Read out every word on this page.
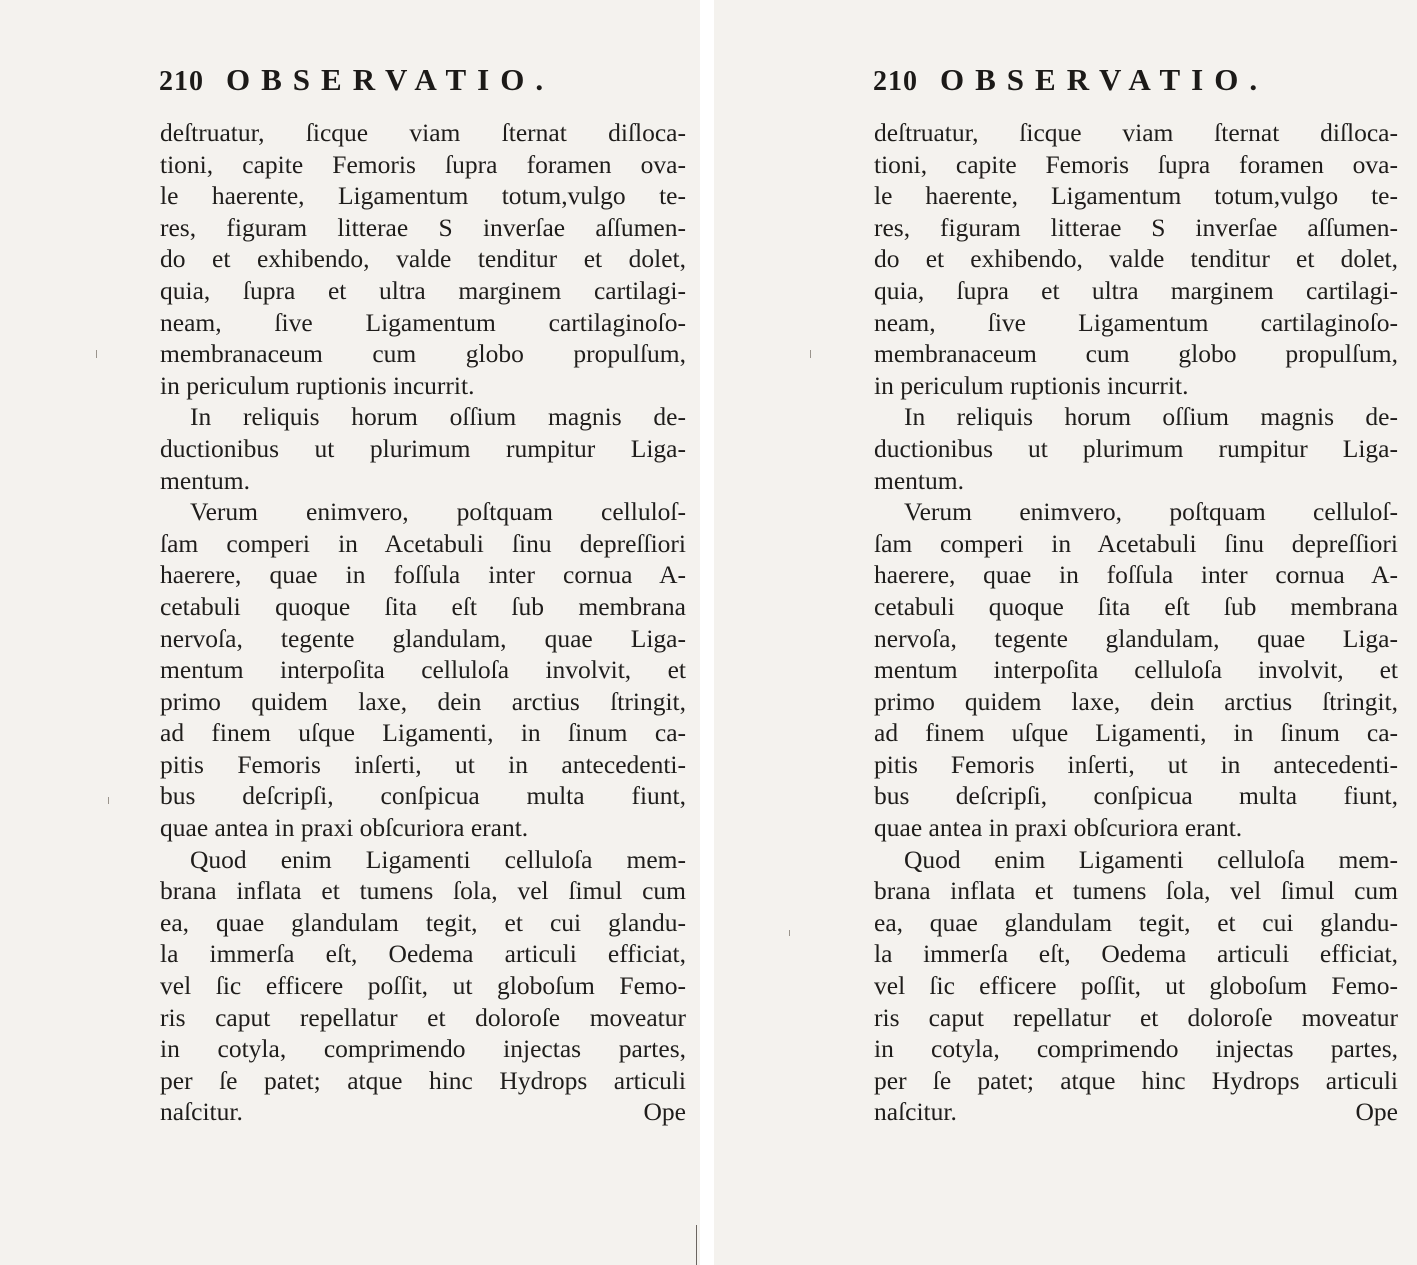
210 OBSERVATIO.
deſtruatur, ſicque viam ſternat diſloca-
tioni, capite Femoris ſupra foramen ova-
le haerente, Ligamentum totum,vulgo te-
res, figuram litterae S inverſae aſſumen-
do et exhibendo, valde tenditur et dolet,
quia, ſupra et ultra marginem cartilagi-
neam, ſive Ligamentum cartilaginoſo-
membranaceum cum globo propulſum,
in periculum ruptionis incurrit.
In reliquis horum oſſium magnis de-
ductionibus ut plurimum rumpitur Liga-
mentum.
Verum enimvero, poſtquam celluloſ-
ſam comperi in Acetabuli ſinu depreſſiori
haerere, quae in foſſula inter cornua A-
cetabuli quoque ſita eſt ſub membrana
nervoſa, tegente glandulam, quae Liga-
mentum interpoſita celluloſa involvit, et
primo quidem laxe, dein arctius ſtringit,
ad finem uſque Ligamenti, in ſinum ca-
pitis Femoris inſerti, ut in antecedenti-
bus deſcripſi, conſpicua multa fiunt,
quae antea in praxi obſcuriora erant.
Quod enim Ligamenti celluloſa mem-
brana inflata et tumens ſola, vel ſimul cum
ea, quae glandulam tegit, et cui glandu-
la immerſa eſt, Oedema articuli efficiat,
vel ſic efficere poſſit, ut globoſum Femo-
ris caput repellatur et doloroſe moveatur
in cotyla, comprimendo injectas partes,
per ſe patet; atque hinc Hydrops articuli
naſcitur.	Ope
210 OBSERVATIO.
deſtruatur, ſicque viam ſternat diſloca-
tioni, capite Femoris ſupra foramen ova-
le haerente, Ligamentum totum,vulgo te-
res, figuram litterae S inverſae aſſumen-
do et exhibendo, valde tenditur et dolet,
quia, ſupra et ultra marginem cartilagi-
neam, ſive Ligamentum cartilaginoſo-
membranaceum cum globo propulſum,
in periculum ruptionis incurrit.
In reliquis horum oſſium magnis de-
ductionibus ut plurimum rumpitur Liga-
mentum.
Verum enimvero, poſtquam celluloſ-
ſam comperi in Acetabuli ſinu depreſſiori
haerere, quae in foſſula inter cornua A-
cetabuli quoque ſita eſt ſub membrana
nervoſa, tegente glandulam, quae Liga-
mentum interpoſita celluloſa involvit, et
primo quidem laxe, dein arctius ſtringit,
ad finem uſque Ligamenti, in ſinum ca-
pitis Femoris inſerti, ut in antecedenti-
bus deſcripſi, conſpicua multa fiunt,
quae antea in praxi obſcuriora erant.
Quod enim Ligamenti celluloſa mem-
brana inflata et tumens ſola, vel ſimul cum
ea, quae glandulam tegit, et cui glandu-
la immerſa eſt, Oedema articuli efficiat,
vel ſic efficere poſſit, ut globoſum Femo-
ris caput repellatur et doloroſe moveatur
in cotyla, comprimendo injectas partes,
per ſe patet; atque hinc Hydrops articuli
naſcitur.	Ope
